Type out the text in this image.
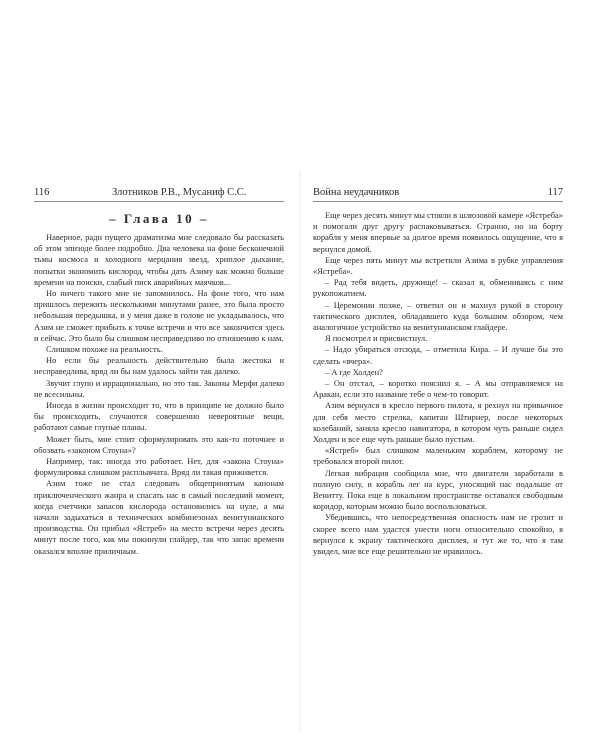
116	Злотников Р.В., Мусаниф С.С.
– Глава 10 –

Наверное, ради пущего драматизма мне следовало бы рассказать об этом эпизоде более подробно. Два человека на фоне бесконечной тьмы космоса и холодного мерцания звезд, хриплое дыхание, попытки экономить кислород, чтобы дать Азиму как можно больше времени на поиски, слабый писк аварийных маячков...

Но ничего такого мне не запомнилось. На фоне того, что нам пришлось пережить несколькими минутами ранее, это была просто небольшая передышка, и у меня даже в голове не укладывалось, что Азим не сможет прибыть к точке встречи и что все закончится здесь и сейчас. Это было бы слишком несправедливо по отношению к нам.

Слишком похоже на реальность.

Но если бы реальность действительно была жестока и несправедлива, вряд ли бы нам удалось зайти так далеко.

Звучит глупо и иррационально, но это так. Законы Мерфи далеко не всесильны.

Иногда в жизни происходит то, что в принципе не должно было бы происходить, случаются совершенно невероятные вещи, работают самые глупые планы.

Может быть, мне стоит сформулировать это как-то поточнее и обозвать «законом Стоуна»?

Например, так: иногда это работает. Нет, для «закона Стоуна» формулировка слишком расплывчата. Вряд ли такая приживется.

Азим тоже не стал следовать общепринятым канонам приключенческого жанра и спасать нас в самый последний момент, когда счетчики запасов кислорода остановились на нуле, а мы начали задыхаться в технических комбинезонах венитунианского производства. Он прибыл «Ястреб» на место встречи через десять минут после того, как мы покинули глайдер, так что запас времени оказался вполне приличным.

Война неудачников	117

Еще через десять минут мы стояли в шлюзовой камере «Ястреба» и помогали друг другу распаковываться. Странно, но на борту корабля у меня впервые за долгое время появилось ощущение, что я вернулся домой.

Еще через пять минут мы встретили Азима в рубке управления «Ястреба».

– Рад тебя видеть, дружище! – сказал я, обмениваясь с ним рукопожатием.

– Церемонии позже, – ответил он и махнул рукой в сторону тактического дисплея, обладавшего куда большим обзором, чем аналогичное устройство на венитунианском глайдере.

Я посмотрел и присвистнул.

– Надо убираться отсюда, – отметила Кира. – И лучше бы это сделать «вчера».

– А где Холден?

– Он отстал, – коротко пояснил я. – А мы отправляемся на Аракан, если это название тебе о чем-то говорит.

Азим вернулся в кресло первого пилота, я рехнул на привычное для себя место стрелка, капитан Штирнер, после некоторых колебаний, заняла кресло навигатора, в котором чуть раньше сидел Холден и все еще чуть раньше было пустым.

«Ястреб» был слишком маленьким кораблем, которому не требовался второй пилот.

Легкая вибрация сообщила мне, что двигатели заработали в полную силу, и корабль лег на курс, уносящий нас подальше от Венитту. Пока еще в локальном пространстве оставался свободным коридор, которым можно было воспользоваться.

Убедившись, что непосредственная опасность нам не грозит и скорее всего нам удастся унести ноги относительно спокойно, я вернулся к экрану тактического дисплея, и тут же то, что я там увидел, мне все еще решительно не нравилось.
